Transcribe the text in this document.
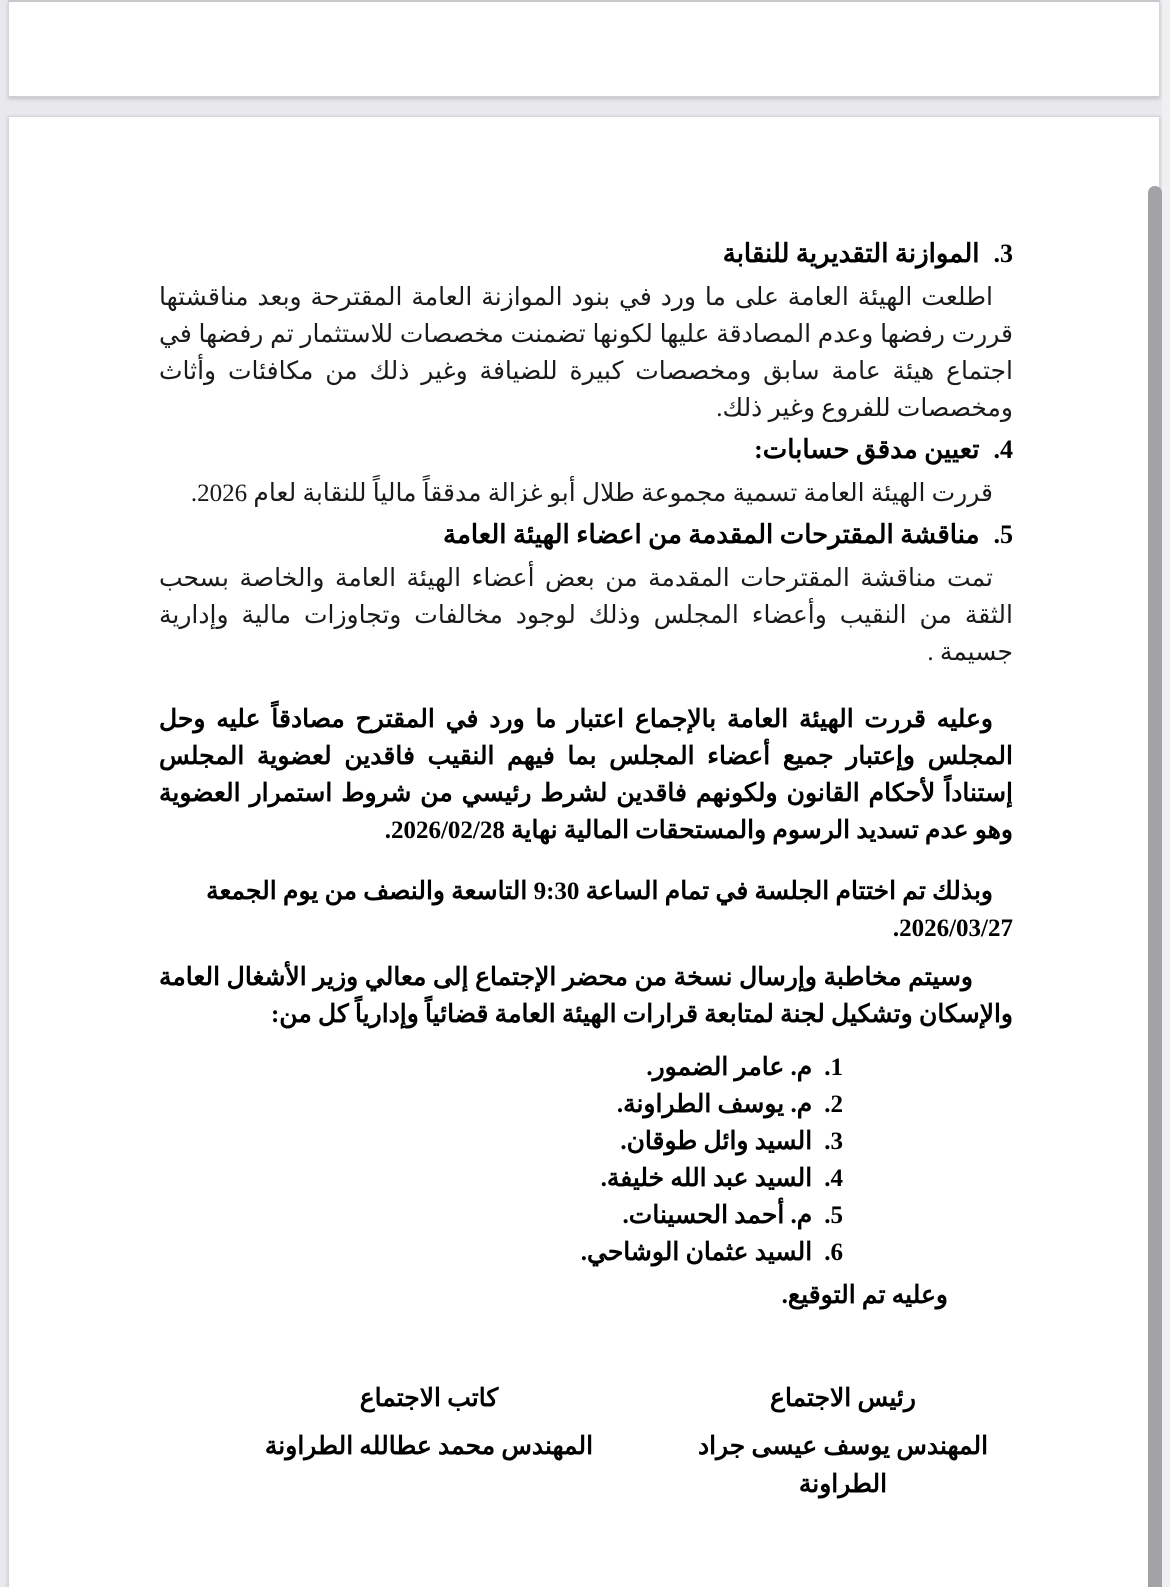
3.الموازنة التقديرية للنقابة
اطلعت الهيئة العامة على ما ورد في بنود الموازنة العامة المقترحة وبعد مناقشتها قررت رفضها وعدم المصادقة عليها لكونها تضمنت مخصصات للاستثمار تم رفضها في اجتماع هيئة عامة سابق ومخصصات كبيرة للضيافة وغير ذلك من مكافئات وأثاث ومخصصات للفروع وغير ذلك.
4.تعيين مدقق حسابات:
قررت الهيئة العامة تسمية مجموعة طلال أبو غزالة مدققاً مالياً للنقابة لعام 2026.
5.مناقشة المقترحات المقدمة من اعضاء الهيئة العامة
تمت مناقشة المقترحات المقدمة من بعض أعضاء الهيئة العامة والخاصة بسحب الثقة من النقيب وأعضاء المجلس وذلك لوجود مخالفات وتجاوزات مالية وإدارية جسيمة .
وعليه قررت الهيئة العامة بالإجماع اعتبار ما ورد في المقترح مصادقاً عليه وحل المجلس وإعتبار جميع أعضاء المجلس بما فيهم النقيب فاقدين لعضوية المجلس إستناداً لأحكام القانون ولكونهم فاقدين لشرط رئيسي من شروط استمرار العضوية وهو عدم تسديد الرسوم والمستحقات المالية نهاية 2026/02/28.
وبذلك تم اختتام الجلسة في تمام الساعة 9:30 التاسعة والنصف من يوم الجمعة
2026/03/27.
وسيتم مخاطبة وإرسال نسخة من محضر الإجتماع إلى معالي وزير الأشغال العامة والإسكان وتشكيل لجنة لمتابعة قرارات الهيئة العامة قضائياً وإدارياً كل من:
1.م. عامر الضمور.
2.م. يوسف الطراونة.
3.السيد وائل طوقان.
4.السيد عبد الله خليفة.
5.م. أحمد الحسينات.
6.السيد عثمان الوشاحي.
وعليه تم التوقيع.
رئيس الاجتماع
المهندس يوسف عيسى جراد الطراونة
كاتب الاجتماع
المهندس محمد عطالله الطراونة
